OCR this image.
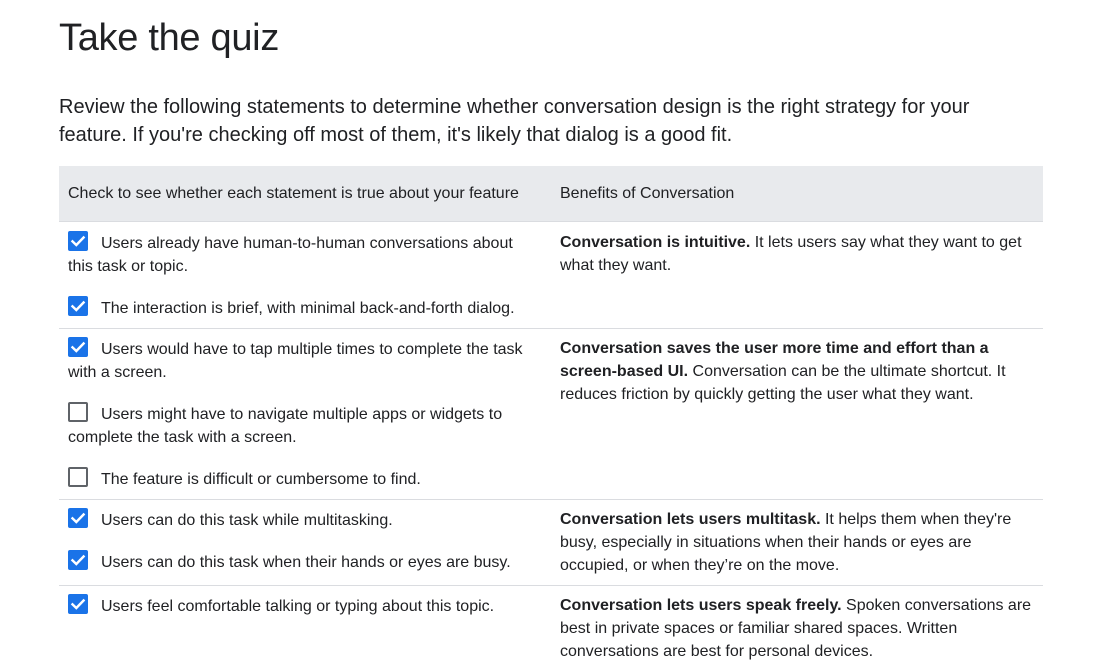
Take the quiz

Review the following statements to determine whether conversation design is the right strategy for your feature. If you're checking off most of them, it's likely that dialog is a good fit.

Check to see whether each statement is true about your feature	Benefits of Conversation

Users already have human-to-human conversations about this task or topic.
The interaction is brief, with minimal back-and-forth dialog.	Conversation is intuitive. It lets users say what they want to get what they want.

Users would have to tap multiple times to complete the task with a screen.
Users might have to navigate multiple apps or widgets to complete the task with a screen.
The feature is difficult or cumbersome to find.	Conversation saves the user more time and effort than a screen-based UI. Conversation can be the ultimate shortcut. It reduces friction by quickly getting the user what they want.

Users can do this task while multitasking.
Users can do this task when their hands or eyes are busy.	Conversation lets users multitask. It helps them when they're busy, especially in situations when their hands or eyes are occupied, or when they’re on the move.

Users feel comfortable talking or typing about this topic.	Conversation lets users speak freely. Spoken conversations are best in private spaces or familiar shared spaces. Written conversations are best for personal devices.
